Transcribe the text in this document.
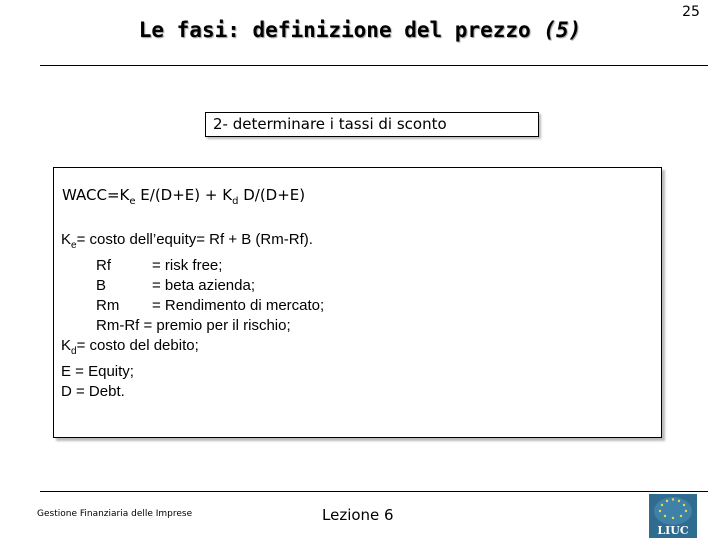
Le fasi: definizione del prezzo (5)
25
2- determinare i tassi di sconto
$WACC=K_e$ $E/(D+E) + K_d$ D/(D+E)
$K_e=$ costo dell’equity= Rf + B (Rm-Rf).
Rf	= risk free;
B	= beta azienda;
Rm = Rendimento di mercato;
Rm-Rf = premio per il rischio;
$K_d=$ costo del debito;
E = Equity;
D = Debt.
Gestione Finanziaria delle Imprese	Lezione 6
LIUC
